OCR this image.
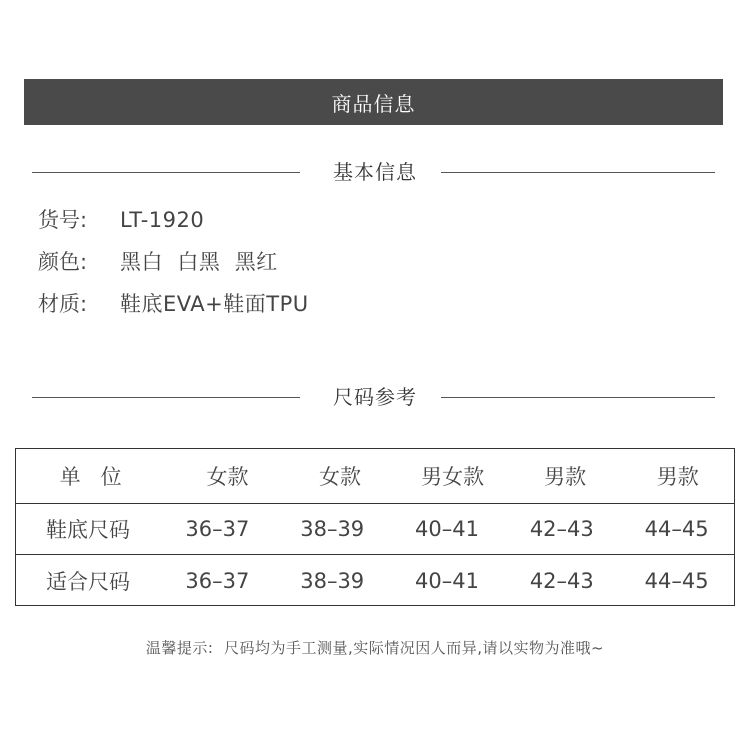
商品信息
基本信息
货号:	LT-1920
颜色:	黑白  白黑  黑红
材质:	鞋底EVA+鞋面TPU
尺码参考
单位	女款	女款	男女款	男款	男款
鞋底尺码	36–37	38–39	40–41	42–43	44–45
适合尺码	36–37	38–39	40–41	42–43	44–45
温馨提示:  尺码均为手工测量,实际情况因人而异,请以实物为准哦~
